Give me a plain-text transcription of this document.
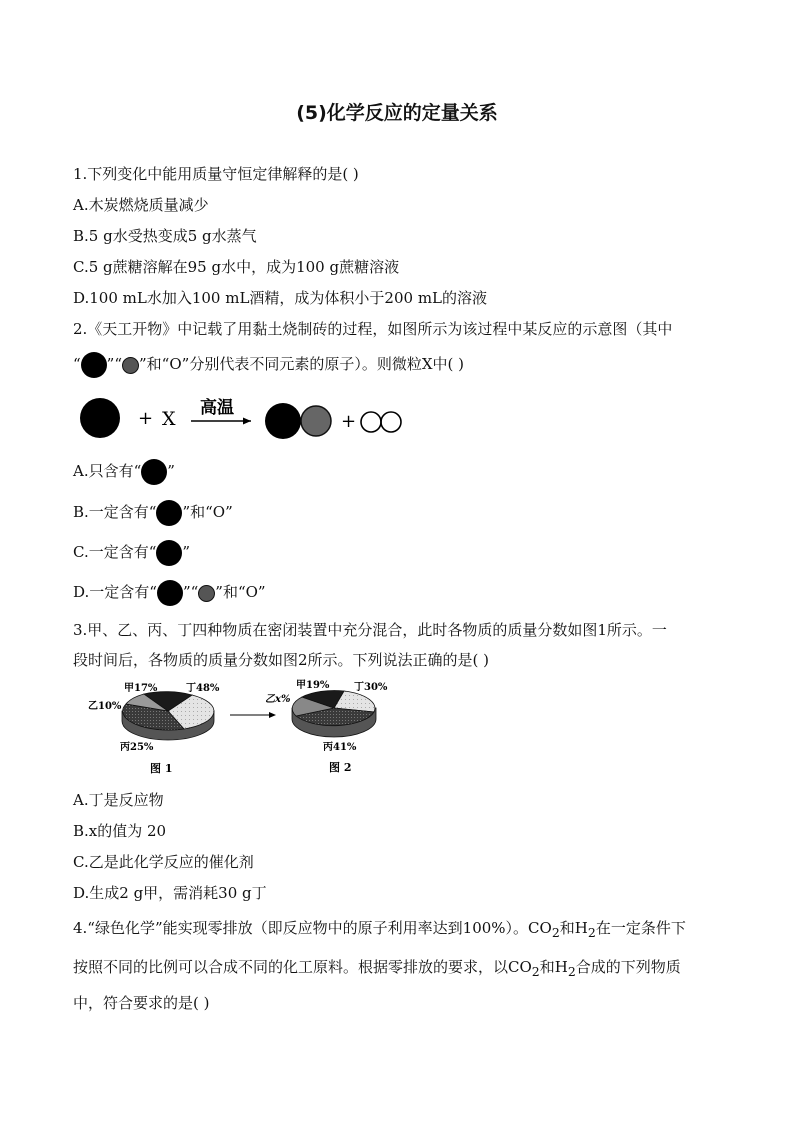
(5)化学反应的定量关系
1.下列变化中能用质量守恒定律解释的是( )
A.木炭燃烧质量减少
B.5 g水受热变成5 g水蒸气
C.5 g蔗糖溶解在95 g水中，成为100 g蔗糖溶液
D.100 mL水加入100 mL酒精，成为体积小于200 mL的溶液
2.《天工开物》中记载了用黏土烧制砖的过程，如图所示为该过程中某反应的示意图（其中
“ ”“ ”和“O”分别代表不同元素的原子）。则微粒X中( )
+ X 高温
+
A.只含有“ ”
B.一定含有“ ”和“O”
C.一定含有“ ”
D.一定含有“ ”“ ”和“O”
3.甲、乙、丙、丁四种物质在密闭装置中充分混合，此时各物质的质量分数如图1所示。一
段时间后，各物质的质量分数如图2所示。下列说法正确的是( )
甲17%	丁48%
乙10%
丙25%
图 1
甲19% 丁30%
乙x%
丙41%
图 2
A.丁是反应物
B.x的值为 20
C.乙是此化学反应的催化剂
D.生成2 g甲，需消耗30 g丁
4.“绿色化学”能实现零排放（即反应物中的原子利用率达到100%）。$CO_2$和$H_2$在一定条件下
按照不同的比例可以合成不同的化工原料。根据零排放的要求，以$CO_2$和$H_2$合成的下列物质
中，符合要求的是( )
